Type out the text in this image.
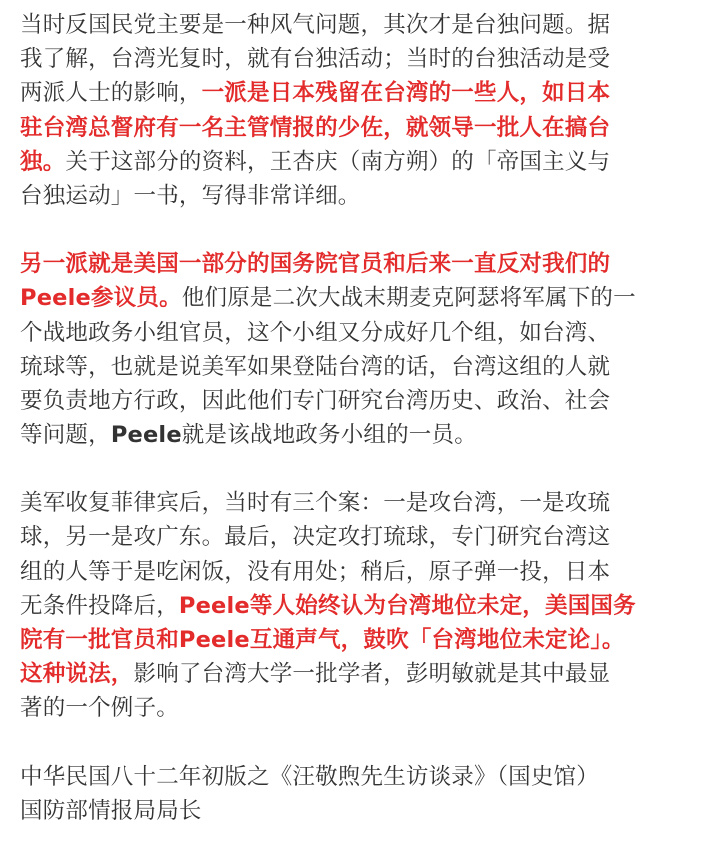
当时反国民党主要是一种风气问题，其次才是台独问题。据
我了解，台湾光复时，就有台独活动；当时的台独活动是受
两派人士的影响，一派是日本残留在台湾的一些人，如日本
驻台湾总督府有一名主管情报的少佐，就领导一批人在搞台
独。关于这部分的资料，王杏庆（南方朔）的「帝国主义与
台独运动」一书，写得非常详细。
另一派就是美国一部分的国务院官员和后来一直反对我们的
Peele参议员。他们原是二次大战末期麦克阿瑟将军属下的一
个战地政务小组官员，这个小组又分成好几个组，如台湾、
琉球等，也就是说美军如果登陆台湾的话，台湾这组的人就
要负责地方行政，因此他们专门研究台湾历史、政治、社会
等问题，Peele就是该战地政务小组的一员。
美军收复菲律宾后，当时有三个案：一是攻台湾，一是攻琉
球，另一是攻广东。最后，决定攻打琉球，专门研究台湾这
组的人等于是吃闲饭，没有用处；稍后，原子弹一投，日本
无条件投降后，Peele等人始终认为台湾地位未定，美国国务
院有一批官员和Peele互通声气，鼓吹「台湾地位未定论」。
这种说法，影响了台湾大学一批学者，彭明敏就是其中最显
著的一个例子。
中华民国八十二年初版之《汪敬煦先生访谈录》（国史馆）
国防部情报局局长
